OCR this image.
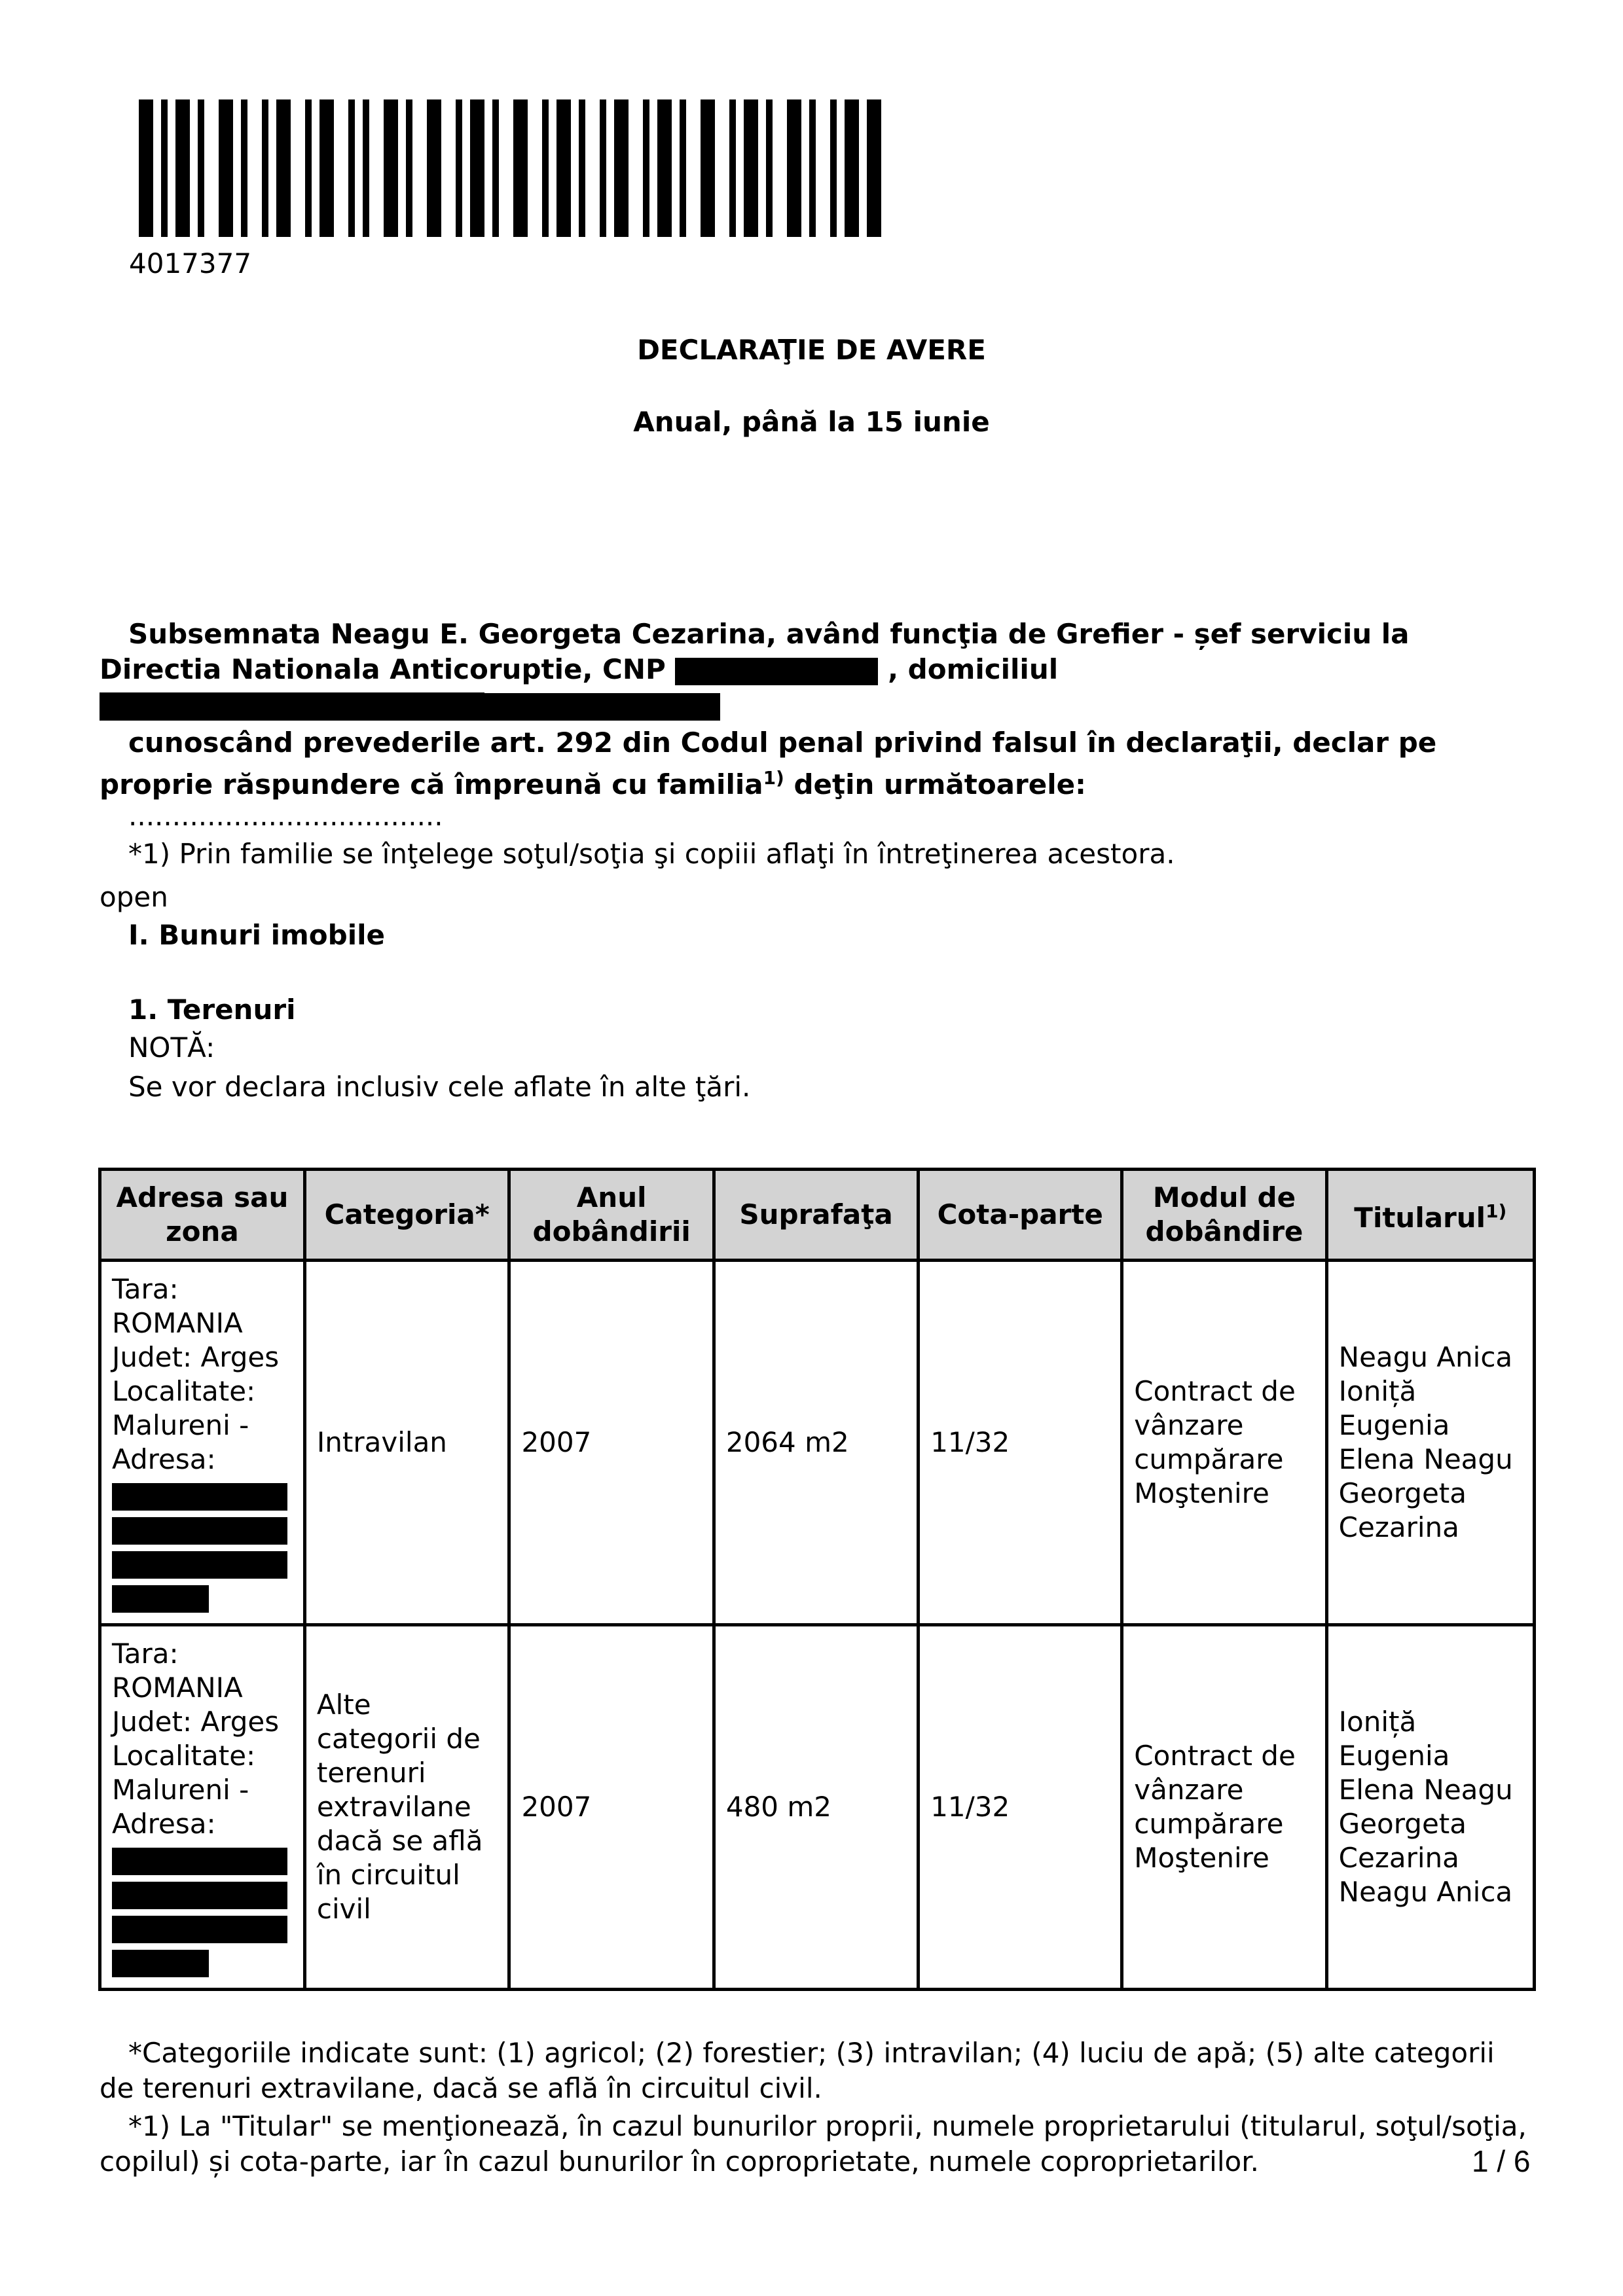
4017377
DECLARAŢIE DE AVERE
Anual, până la 15 iunie
Subsemnata Neagu E. Georgeta Cezarina, având funcţia de Grefier - șef serviciu la Directia Nationala Anticoruptie, CNP	, domiciliul
cunoscând prevederile art. 292 din Codul penal privind falsul în declaraţii, declar pe proprie răspundere că împreună cu familia$^{1)}$ deţin următoarele:
....................................
*1) Prin familie se înţelege soţul/soţia şi copiii aflaţi în întreţinerea acestora.
open
I. Bunuri imobile
1. Terenuri
NOTĂ:
Se vor declara inclusiv cele aflate în alte ţări.
Adresa sau zona	Categoria*	Anul dobândirii	Suprafaţa	Cota-parte	Modul de dobândire	Titularul$^{1)}$
Tara: ROMANIA Judet: Arges Localitate: Malureni - Adresa:	Intravilan	2007	2064 m2	11/32	Contract de vânzare cumpărare Moştenire	Neagu Anica Ioniță Eugenia Elena Neagu Georgeta Cezarina
Tara: ROMANIA Judet: Arges Localitate: Malureni - Adresa:	Alte categorii de terenuri extravilane dacă se află în circuitul civil	2007	480 m2	11/32	Contract de vânzare cumpărare Moştenire	Ioniță Eugenia Elena Neagu Georgeta Cezarina Neagu Anica
*Categoriile indicate sunt: (1) agricol; (2) forestier; (3) intravilan; (4) luciu de apă; (5) alte categorii de terenuri extravilane, dacă se află în circuitul civil.
*1) La "Titular" se menţionează, în cazul bunurilor proprii, numele proprietarului (titularul, soţul/soţia, copilul) și cota-parte, iar în cazul bunurilor în coproprietate, numele coproprietarilor.	1 / 6
